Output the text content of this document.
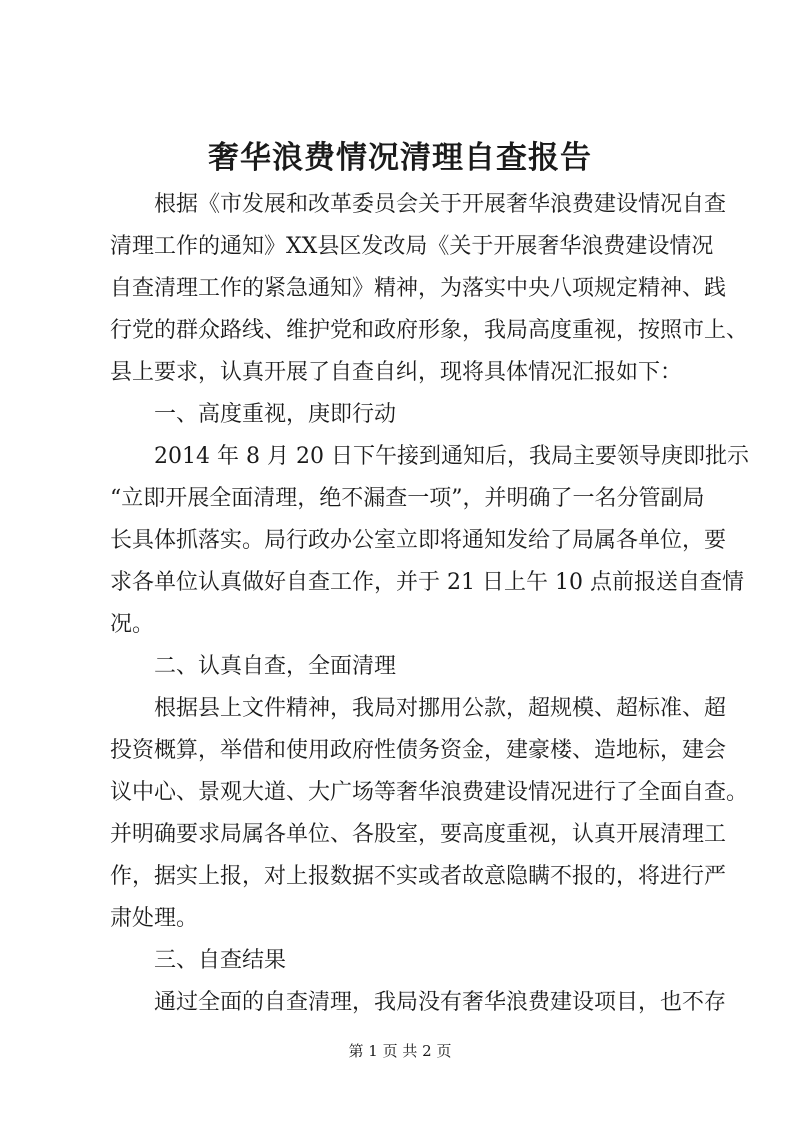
奢华浪费情况清理自查报告
根据《市发展和改革委员会关于开展奢华浪费建设情况自查
清理工作的通知》XX县区发改局《关于开展奢华浪费建设情况
自查清理工作的紧急通知》精神，为落实中央八项规定精神、践
行党的群众路线、维护党和政府形象，我局高度重视，按照市上、
县上要求，认真开展了自查自纠，现将具体情况汇报如下：
一、高度重视，庚即行动
2014 年 8 月 20 日下午接到通知后，我局主要领导庚即批示
“立即开展全面清理，绝不漏查一项”，并明确了一名分管副局
长具体抓落实。局行政办公室立即将通知发给了局属各单位，要
求各单位认真做好自查工作，并于 21 日上午 10 点前报送自查情
况。
二、认真自查，全面清理
根据县上文件精神，我局对挪用公款，超规模、超标准、超
投资概算，举借和使用政府性债务资金，建豪楼、造地标，建会
议中心、景观大道、大广场等奢华浪费建设情况进行了全面自查。
并明确要求局属各单位、各股室，要高度重视，认真开展清理工
作，据实上报，对上报数据不实或者故意隐瞒不报的，将进行严
肃处理。
三、自查结果
通过全面的自查清理，我局没有奢华浪费建设项目，也不存
第 1 页 共 2 页
